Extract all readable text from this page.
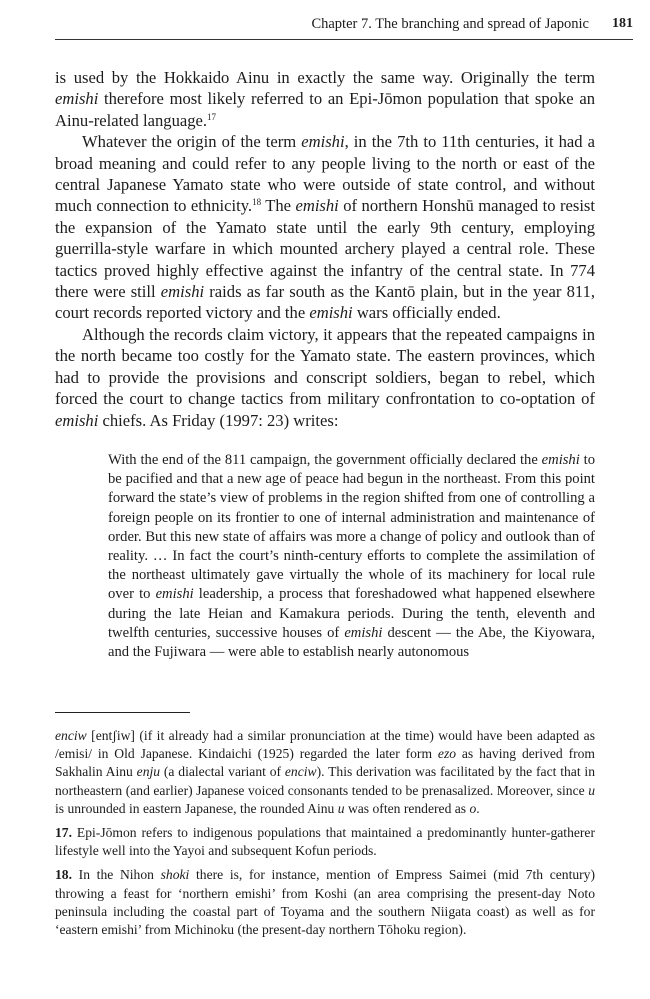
Chapter 7. The branching and spread of Japonic 181

is used by the Hokkaido Ainu in exactly the same way. Originally the term emishi therefore most likely referred to an Epi-Jōmon population that spoke an Ainu-related language.$^{17}$

Whatever the origin of the term emishi, in the 7th to 11th centuries, it had a broad meaning and could refer to any people living to the north or east of the central Japanese Yamato state who were outside of state control, and without much connection to ethnicity.$^{18}$ The emishi of northern Honshū managed to resist the expansion of the Yamato state until the early 9th century, employing guerrilla-style warfare in which mounted archery played a central role. These tactics proved highly effective against the infantry of the central state. In 774 there were still emishi raids as far south as the Kantō plain, but in the year 811, court records reported victory and the emishi wars officially ended.

Although the records claim victory, it appears that the repeated campaigns in the north became too costly for the Yamato state. The eastern provinces, which had to provide the provisions and conscript soldiers, began to rebel, which forced the court to change tactics from military confrontation to co-optation of emishi chiefs. As Friday (1997: 23) writes:

With the end of the 811 campaign, the government officially declared the emishi to be pacified and that a new age of peace had begun in the northeast. From this point forward the state’s view of problems in the region shifted from one of controlling a foreign people on its frontier to one of internal administration and maintenance of order. But this new state of affairs was more a change of policy and outlook than of reality. … In fact the court’s ninth-century efforts to complete the assimilation of the northeast ultimately gave virtually the whole of its machinery for local rule over to emishi leadership, a process that foreshadowed what happened elsewhere during the late Heian and Kamakura periods. During the tenth, eleventh and twelfth centuries, successive houses of emishi descent — the Abe, the Kiyowara, and the Fujiwara — were able to establish nearly autonomous

enciw [entʃiw] (if it already had a similar pronunciation at the time) would have been adapted as /emisi/ in Old Japanese. Kindaichi (1925) regarded the later form ezo as having derived from Sakhalin Ainu enju (a dialectal variant of enciw). This derivation was facilitated by the fact that in northeastern (and earlier) Japanese voiced consonants tended to be prenasalized. Moreover, since u is unrounded in eastern Japanese, the rounded Ainu u was often rendered as o.

17. Epi-Jōmon refers to indigenous populations that maintained a predominantly hunter-gatherer lifestyle well into the Yayoi and subsequent Kofun periods.

18. In the Nihon shoki there is, for instance, mention of Empress Saimei (mid 7th century) throwing a feast for ‘northern emishi’ from Koshi (an area comprising the present-day Noto peninsula including the coastal part of Toyama and the southern Niigata coast) as well as for ‘eastern emishi’ from Michinoku (the present-day northern Tōhoku region).
